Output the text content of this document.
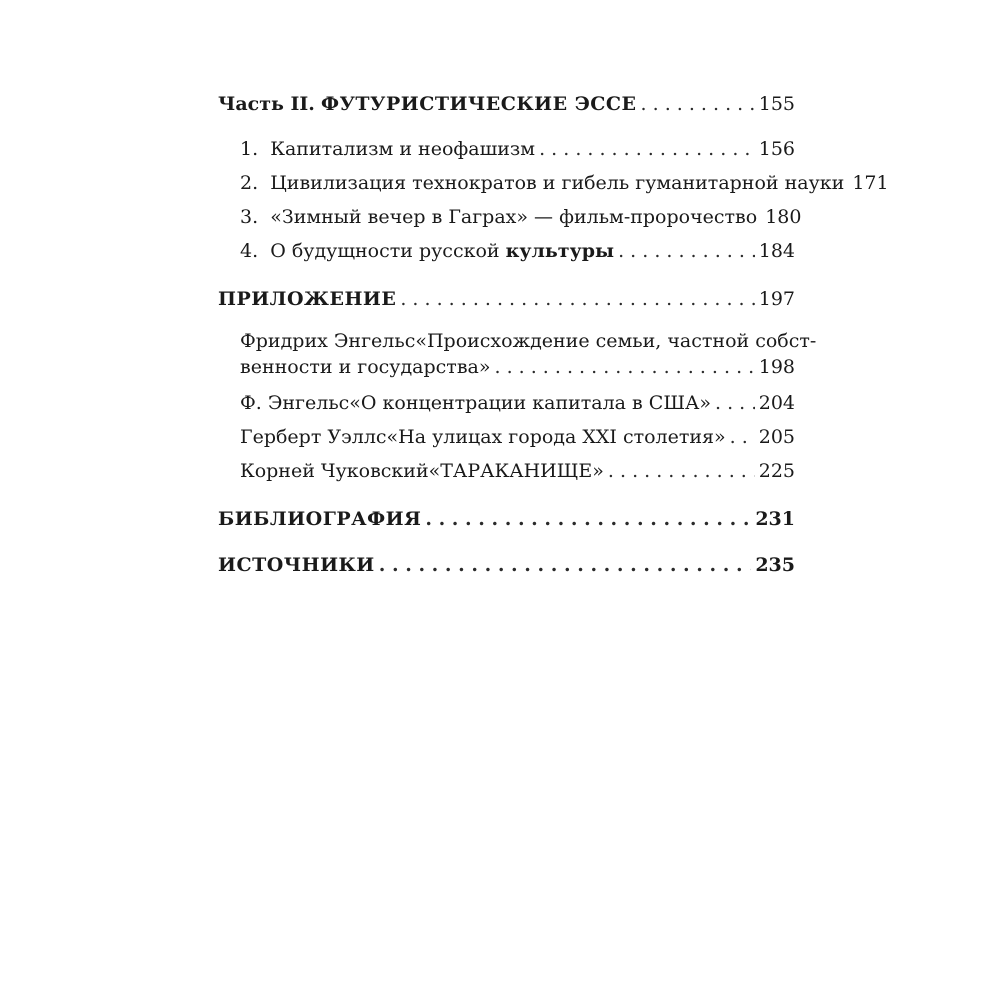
Часть II. ФУТУРИСТИЧЕСКИЕ ЭССЕ . . .	155
1. Капитализм и неофашизм . . .	156
2. Цивилизация технократов и гибель гуманитарной науки 171
3. «Зимный вечер в Гаграх» — фильм-пророчество 180
4. О будущности русской культуры . . .	184
ПРИЛОЖЕНИЕ . . .	197
Фридрих Энгельс«Происхождение семьи, частной собст-
венности и государства» . . .	198
Ф. Энгельс«О концентрации капитала в США» . . .	204
Герберт Уэллс«На улицах города XXI столетия» . . . 205
Корней Чуковский«ТАРАКАНИЩЕ» . . .	225
БИБЛИОГРАФИЯ . . .	231
ИСТОЧНИКИ . . .	235
